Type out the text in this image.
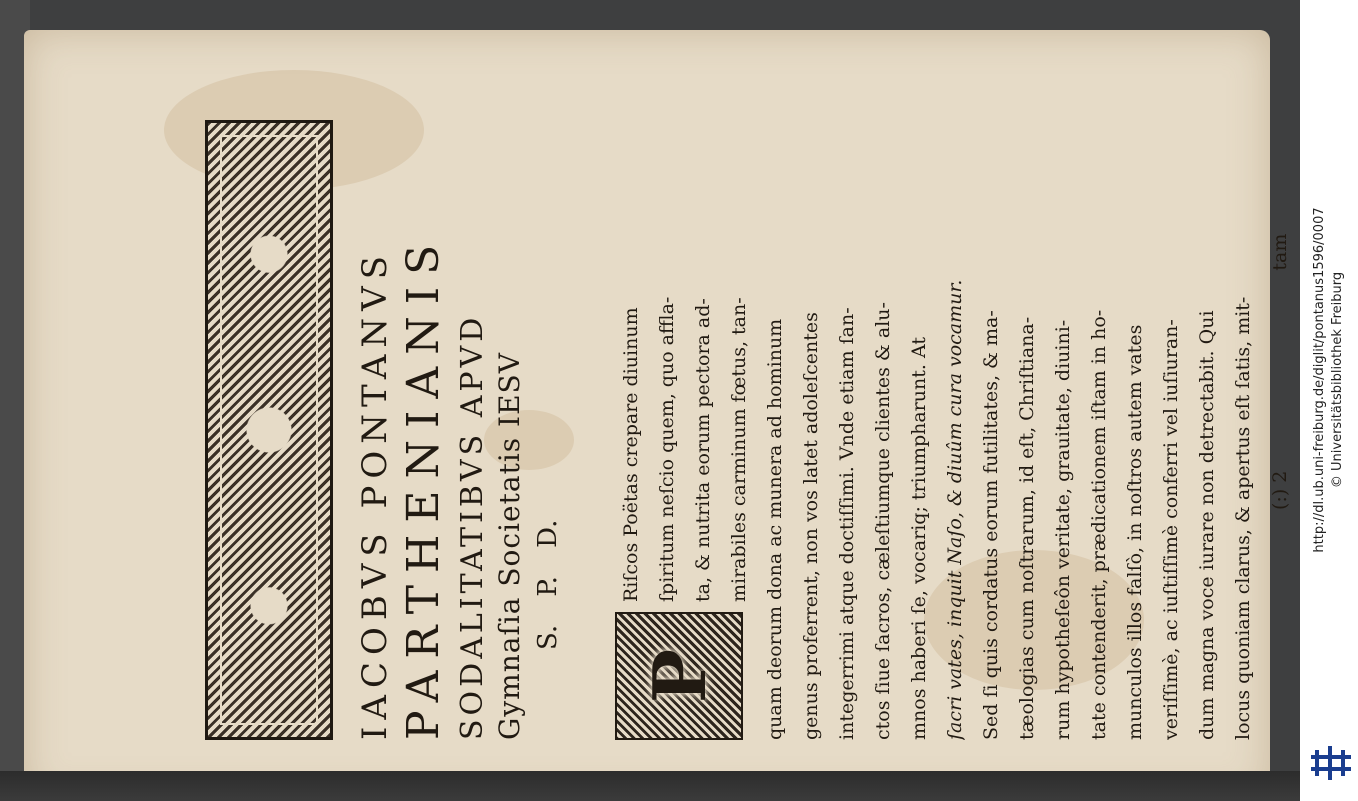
IACOBVS PONTANVS PARTHENIANIS SODALITATIBVS APVD Gymnaſia Societatis IESV S. P. D.

P

Riſcos Poëtas crepare diuinum ſpiritum neſcio quem, quo affla- ta, & nutrita eorum pectora ad- mirabiles carminum fœtus, tan- quam deorum dona ac munera ad hominum genus proferrent, non vos latet adoleſcentes integerrimi atque doctiſſimi. Vnde etiam ſan- ctos ſiue ſacros, cæleſtiumque clientes & alu- mnos haberi ſe, vocariq; triumpharunt. At ſacri vates, inquit Naſo, & diuûm cura vocamur. Sed ſi quis cordatus eorum futilitates, & ma- tæologias cum noſtrarum, id eſt, Chriſtiana- rum hypotheſeôn veritate, grauitate, diuini- tate contenderit, prædicationem iſtam in ho- munculos illos falſò, in noſtros autem vates veriſſimè, ac iuſtiſſimè conferri vel iuſiuran- dum magna voce iurare non detrectabit. Qui locus quoniam clarus, & apertus eſt ſatis, mit- (:) 2tam	http://dl.ub.uni-freiburg.de/diglit/pontanus1596/0007 © Universitätsbibliothek Freiburg
